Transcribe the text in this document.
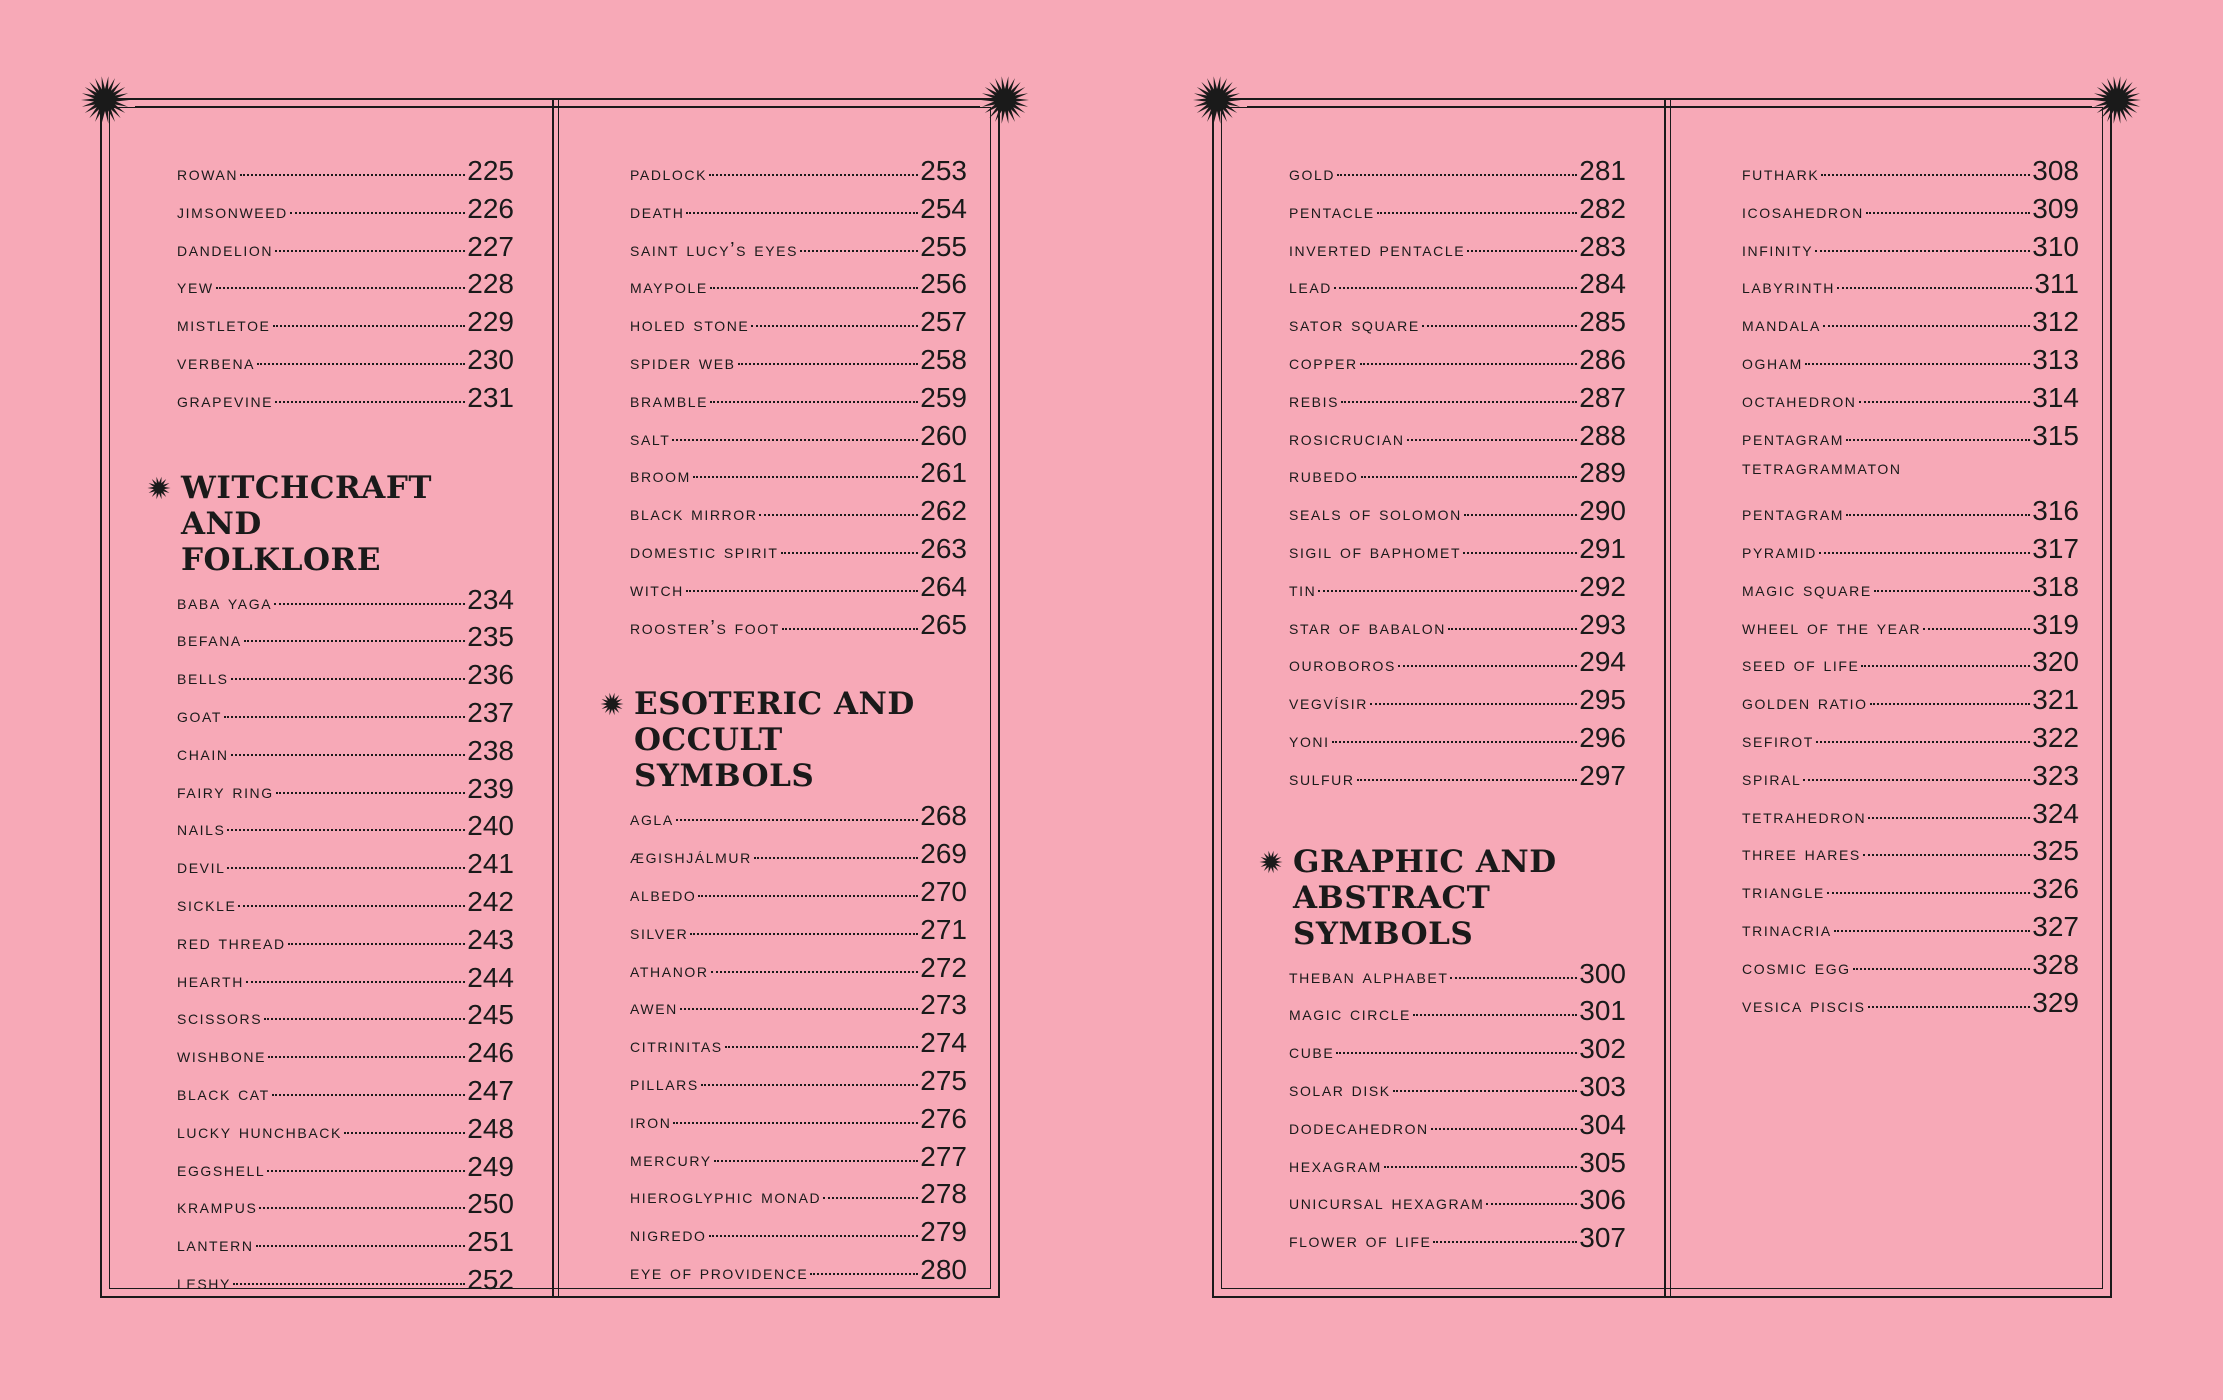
rowan	225
jimsonweed	226
dandelion	227
yew	228
mistletoe	229
verbena	230
grapevine	231
WITCHCRAFT AND
FOLKLORE
baba yaga	234
befana	235
bells	236
goat	237
chain	238
fairy ring	239
nails	240
devil	241
sickle	242
red thread	243
hearth	244
scissors	245
wishbone	246
black cat	247
lucky hunchback	248
eggshell	249
krampus	250
lantern	251
leshy	252
padlock	253
death	254
saint lucy’s eyes	255
maypole	256
holed stone	257
spider web	258
bramble	259
salt	260
broom	261
black mirror	262
domestic spirit	263
witch	264
rooster’s foot	265
ESOTERIC AND
OCCULT SYMBOLS
agla	268
ægishjálmur	269
albedo	270
silver	271
athanor	272
awen	273
citrinitas	274
pillars	275
iron	276
mercury	277
hieroglyphic monad	278
nigredo	279
eye of providence	280
gold	281
pentacle	282
inverted pentacle	283
lead	284
sator square	285
copper	286
rebis	287
rosicrucian	288
rubedo	289
seals of solomon	290
sigil of baphomet	291
tin	292
star of babalon	293
ouroboros	294
vegvísir	295
yoni	296
sulfur	297
GRAPHIC AND
ABSTRACT
SYMBOLS
theban alphabet	300
magic circle	301
cube	302
solar disk	303
dodecahedron	304
hexagram	305
unicursal hexagram	306
flower of life	307
futhark	308
icosahedron	309
infinity	310
labyrinth	311
mandala	312
ogham	313
octahedron	314
pentagram	315
tetragrammaton
pentagram	316
pyramid	317
magic square	318
wheel of the year	319
seed of life	320
golden ratio	321
sefirot	322
spiral	323
tetrahedron	324
three hares	325
triangle	326
trinacria	327
cosmic egg	328
vesica piscis	329
